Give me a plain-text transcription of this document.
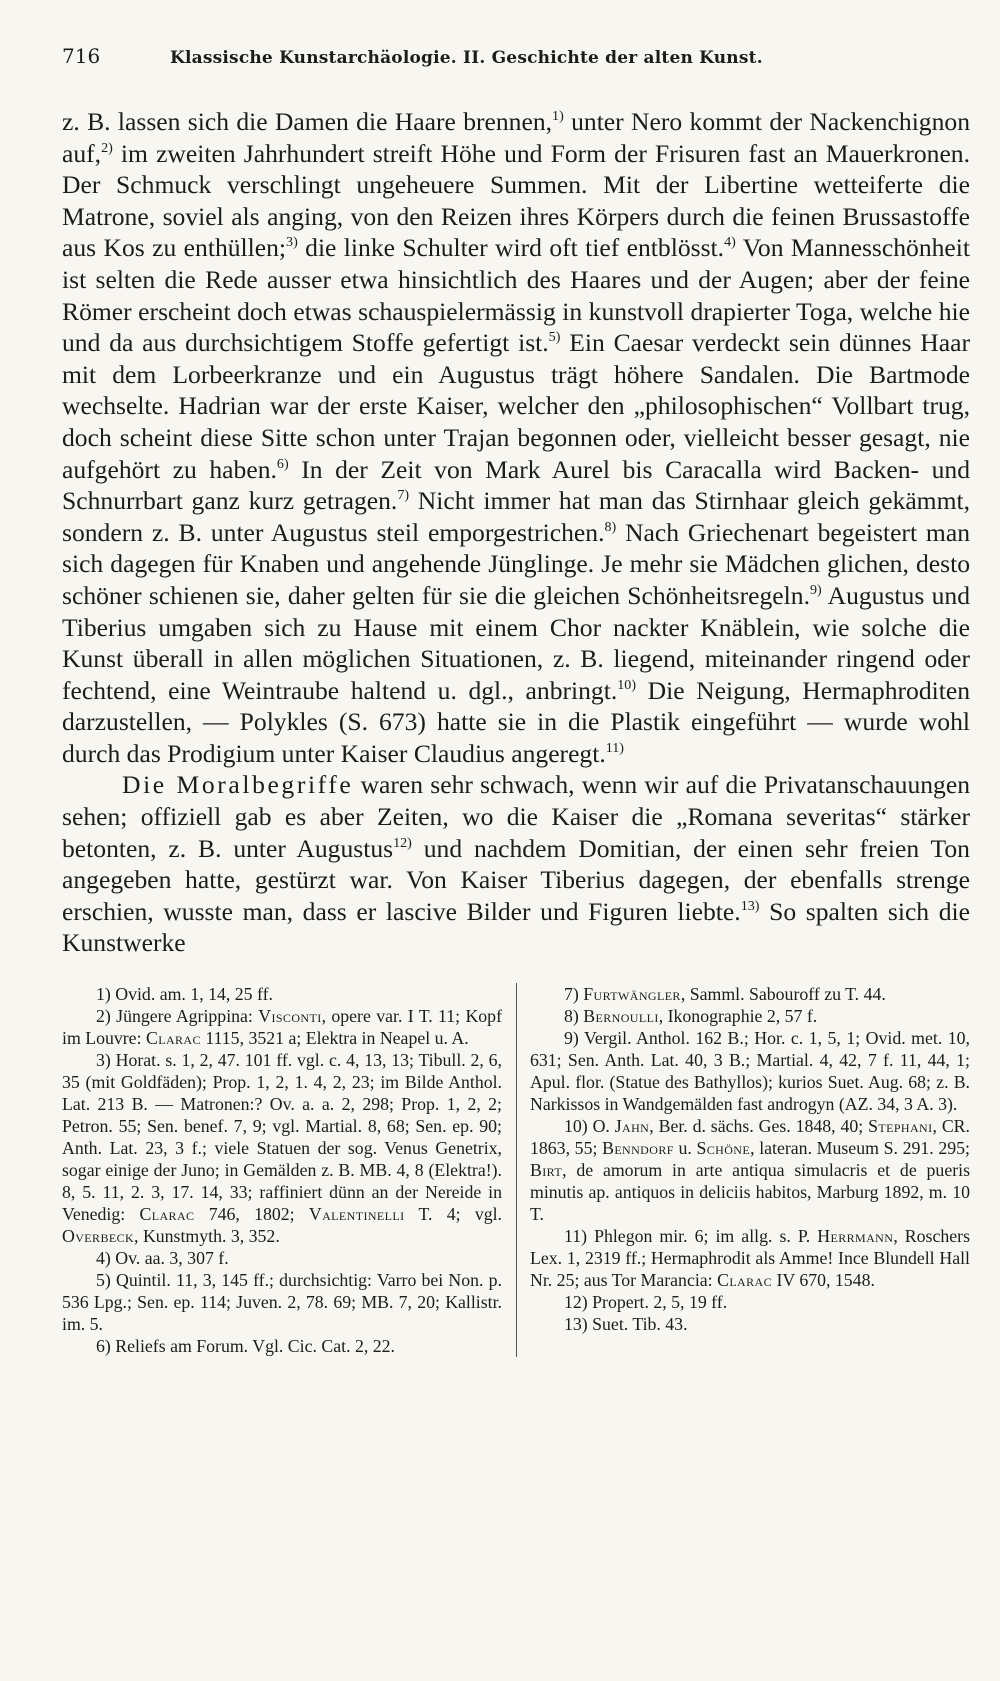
716	Klassische Kunstarchäologie. II. Geschichte der alten Kunst.

z. B. lassen sich die Damen die Haare brennen,$^{1)}$ unter Nero kommt der Nackenchignon auf,$^{2)}$ im zweiten Jahrhundert streift Höhe und Form der Frisuren fast an Mauerkronen. Der Schmuck verschlingt ungeheuere Summen. Mit der Libertine wetteiferte die Matrone, soviel als anging, von den Reizen ihres Körpers durch die feinen Brussastoffe aus Kos zu enthüllen;$^{3)}$ die linke Schulter wird oft tief entblösst.$^{4)}$ Von Mannesschönheit ist selten die Rede ausser etwa hinsichtlich des Haares und der Augen; aber der feine Römer erscheint doch etwas schauspielermässig in kunstvoll drapierter Toga, welche hie und da aus durchsichtigem Stoffe gefertigt ist.$^{5)}$ Ein Caesar verdeckt sein dünnes Haar mit dem Lorbeerkranze und ein Augustus trägt höhere Sandalen. Die Bartmode wechselte. Hadrian war der erste Kaiser, welcher den „philosophischen“ Vollbart trug, doch scheint diese Sitte schon unter Trajan begonnen oder, vielleicht besser gesagt, nie aufgehört zu haben.$^{6)}$ In der Zeit von Mark Aurel bis Caracalla wird Backen- und Schnurrbart ganz kurz getragen.$^{7)}$ Nicht immer hat man das Stirnhaar gleich gekämmt, sondern z. B. unter Augustus steil emporgestrichen.$^{8)}$ Nach Griechenart begeistert man sich dagegen für Knaben und angehende Jünglinge. Je mehr sie Mädchen glichen, desto schöner schienen sie, daher gelten für sie die gleichen Schönheitsregeln.$^{9)}$ Augustus und Tiberius umgaben sich zu Hause mit einem Chor nackter Knäblein, wie solche die Kunst überall in allen möglichen Situationen, z. B. liegend, miteinander ringend oder fechtend, eine Weintraube haltend u. dgl., anbringt.$^{10)}$ Die Neigung, Hermaphroditen darzustellen, — Polykles (S. 673) hatte sie in die Plastik eingeführt — wurde wohl durch das Prodigium unter Kaiser Claudius angeregt.$^{11)}$

Die Moralbegriffe waren sehr schwach, wenn wir auf die Privatanschauungen sehen; offiziell gab es aber Zeiten, wo die Kaiser die „Romana severitas“ stärker betonten, z. B. unter Augustus$^{12)}$ und nachdem Domitian, der einen sehr freien Ton angegeben hatte, gestürzt war. Von Kaiser Tiberius dagegen, der ebenfalls strenge erschien, wusste man, dass er lascive Bilder und Figuren liebte.$^{13)}$ So spalten sich die Kunstwerke

1) Ovid. am. 1, 14, 25 ff.

2) Jüngere Agrippina: Visconti, opere var. I T. 11; Kopf im Louvre: Clarac 1115, 3521 a; Elektra in Neapel u. A.

3) Horat. s. 1, 2, 47. 101 ff. vgl. c. 4, 13, 13; Tibull. 2, 6, 35 (mit Goldfäden); Prop. 1, 2, 1. 4, 2, 23; im Bilde Anthol. Lat. 213 B. — Matronen:? Ov. a. a. 2, 298; Prop. 1, 2, 2; Petron. 55; Sen. benef. 7, 9; vgl. Martial. 8, 68; Sen. ep. 90; Anth. Lat. 23, 3 f.; viele Statuen der sog. Venus Genetrix, sogar einige der Juno; in Gemälden z. B. MB. 4, 8 (Elektra!). 8, 5. 11, 2. 3, 17. 14, 33; raffiniert dünn an der Nereide in Venedig: Clarac 746, 1802; Valentinelli T. 4; vgl. Overbeck, Kunstmyth. 3, 352.

4) Ov. aa. 3, 307 f.

5) Quintil. 11, 3, 145 ff.; durchsichtig: Varro bei Non. p. 536 Lpg.; Sen. ep. 114; Juven. 2, 78. 69; MB. 7, 20; Kallistr. im. 5.

6) Reliefs am Forum. Vgl. Cic. Cat. 2, 22.

7) Furtwängler, Samml. Sabouroff zu T. 44.

8) Bernoulli, Ikonographie 2, 57 f.

9) Vergil. Anthol. 162 B.; Hor. c. 1, 5, 1; Ovid. met. 10, 631; Sen. Anth. Lat. 40, 3 B.; Martial. 4, 42, 7 f. 11, 44, 1; Apul. flor. (Statue des Bathyllos); kurios Suet. Aug. 68; z. B. Narkissos in Wandgemälden fast androgyn (AZ. 34, 3 A. 3).

10) O. Jahn, Ber. d. sächs. Ges. 1848, 40; Stephani, CR. 1863, 55; Benndorf u. Schöne, lateran. Museum S. 291. 295; Birt, de amorum in arte antiqua simulacris et de pueris minutis ap. antiquos in deliciis habitos, Marburg 1892, m. 10 T.

11) Phlegon mir. 6; im allg. s. P. Herrmann, Roschers Lex. 1, 2319 ff.; Hermaphrodit als Amme! Ince Blundell Hall Nr. 25; aus Tor Marancia: Clarac IV 670, 1548.

12) Propert. 2, 5, 19 ff.

13) Suet. Tib. 43.
